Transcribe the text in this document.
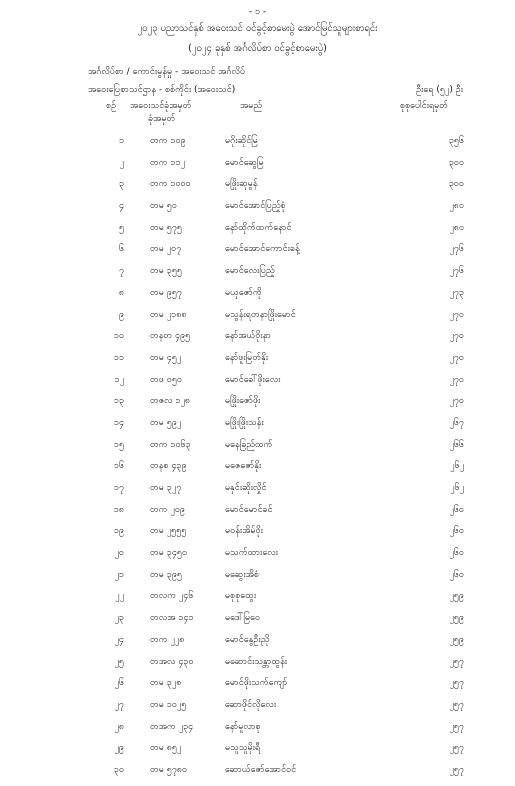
- ၁ -
၂၀၂၃ ပညာသင်နှစ် အဝေးသင် ဝင်ခွင့်စာမေးပွဲ အောင်မြင်သူများစာရင်း
(၂၀၂၄ ခုနှစ် အင်္ဂလိပ်စာ ဝင်ခွင့်စာမေးပွဲ)
အင်္ဂလိပ်စာ / ကောင်းမွန်မှု - အဝေးသင် အင်္ဂလိပ်
အဝေးပြေစာသင်ဌာန - စစ်ကိုင်း (အဝေးသင်)	ဦးရေ (၅၂) ဦး
စဉ် အဝေးသင်ခုံအမှတ်
ခုံအမှတ်
အမည်	စုစုပေါင်းရမှတ်
၁	တက ၁၀၉	မဂိုးဆိုင်မြ	၃၅၆
၂	တက ၁၁၂	မောင်ဆွေမြ	၃၀၀
၃	တက ၁၀၀၀	မဖြိုးဆုမွန်	၃၀၀
၄	တမ ၅၀	မောင်အောင်ပြည့်စုံ	၂၈၀
၅	တမ ၅၇၅	နော်ထိုက်ထက်နောင်	၂၈၀
၆	တမ ၂၀၇	မောင်အောင်ကောင်းခန့်	၂၇၆
၇	တမ ၃၅၅	မောင်လေးပြည့်	၂၇၆
၈	တမ ၉၅၇	မယုဇော်ကို	၂၇၃
၉	တမ ၂၁၈၈	မသွန်းရတနာဖြိုးမောင်	၂၇၀
၁၀	တနတ ၄၉၅	နော်အယ်ဝိုးနာ	၂၇၀
၁၁	တမ ၄၅၂	နော်ဖူးမြတ်နိုး	၂၇၀
၁၂	တဖ ၀၅၀	မောင်ခေါ်ဖိုးလေး	၂၇၀
၁၃	တဇလ ၁၂၈	မဖြိုးဇော်ဖိုး	၂၇၀
၁၄	တမ ၅၉၂	မဖြိုးဖြိုးသန်း	၂၆၇
၁၅	တက ၁၀၆၃	မနေခြည်ထက်	၂၆၆
၁၆	တနစ ၄၃၉	မဇေဇော်နိုး	၂၆၂
၁၇	တမ ၃၂၇	မနှင်းဆိုးလှိုင်	၂၆၂
၁၈	တက ၂၀၉	မောင်မောင်ခင်	၂၆၀
၁၉	တမ ၂၅၅၅	မဝန်းအိမ်ဝိုး	၂၆၀
၂၀	တမ ၃၄၅၀	မသက်ထားလေး	၂၆၀
၂၁	တမ ၃၉၅	မဆွေးအိစံ	၂၆၀
၂၂	တလက ၂၄၆	မစုစုထွေး	၂၅၉
၂၃	တလအ ၁၄၁	မဒေါ်မြဝေ	၂၅၉
၂၄	တက ၂၂၈	မောင်နွေဦးညို	၂၅၉
၂၅	တအလ ၄၃၀	မဆောင်းသန္တာထွန်း	၂၅၇
၂၆	တမ ၃၂၈	မောင်ဖိုးသက်ကျော်	၂၅၇
၂၇	တမ ၁၀၂၅	ဆောဖိုင်လိုလေး	၂၅၇
၂၈	တအက ၂၃၄	နော်မူလာစု	၂၅၇
၂၉	တမ ၈၅၂	မသူသူမိုးရီ	၂၅၇
၃၀	တမ ၅၇၈၀	ဆောယ်ဇော်အောင်ဝင်	၂၅၇
